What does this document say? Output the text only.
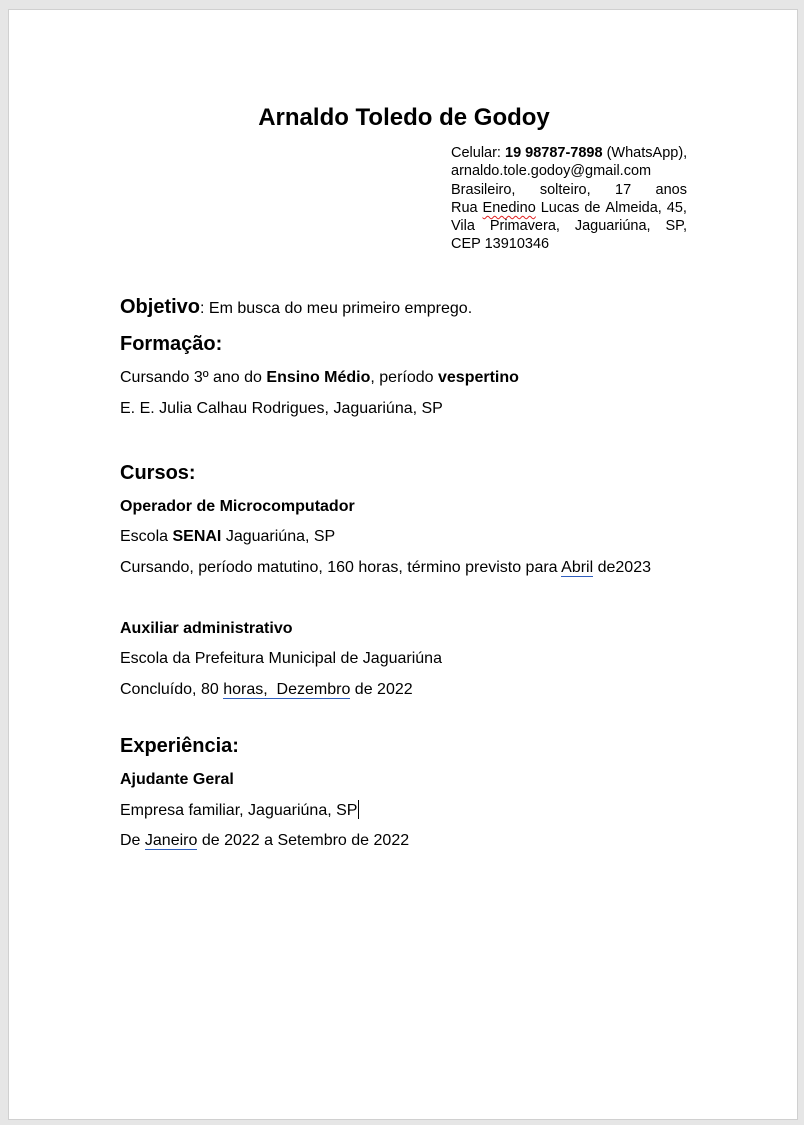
Arnaldo Toledo de Godoy
Celular: 19 98787-7898 (WhatsApp),
arnaldo.tole.godoy@gmail.com
Brasileiro, solteiro, 17 anos
Rua Enedino Lucas de Almeida, 45,
Vila Primavera, Jaguariúna, SP,
CEP 13910346
Objetivo: Em busca do meu primeiro emprego.
Formação:
Cursando 3º ano do Ensino Médio, período vespertino
E. E. Julia Calhau Rodrigues, Jaguariúna, SP
Cursos:
Operador de Microcomputador
Escola SENAI Jaguariúna, SP
Cursando, período matutino, 160 horas, término previsto para Abril de2023
Auxiliar administrativo
Escola da Prefeitura Municipal de Jaguariúna
Concluído, 80 horas,  Dezembro de 2022
Experiência:
Ajudante Geral
Empresa familiar, Jaguariúna, SP
De Janeiro de 2022 a Setembro de 2022
